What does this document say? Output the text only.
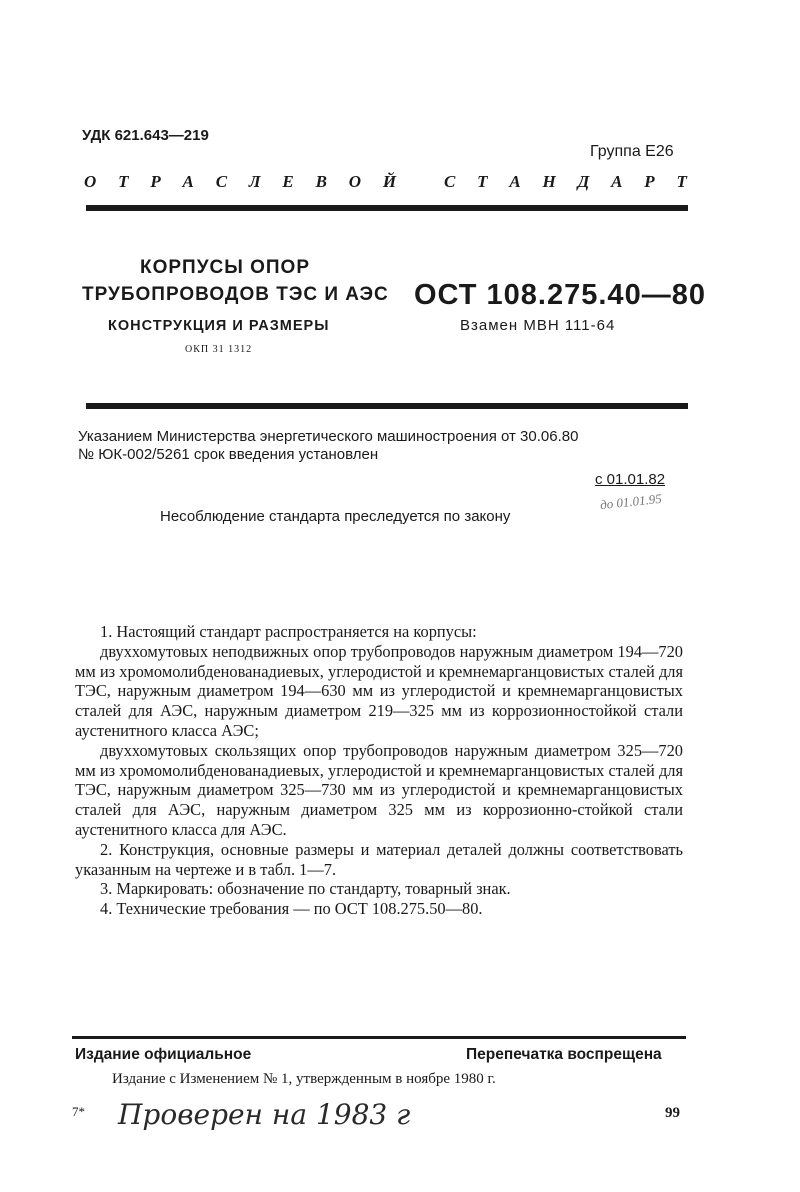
УДК 621.643—219
Группа Е26
О Т Р А С Л Е В О Й
	С Т А Н Д А Р Т
КОРПУСЫ ОПОР
ТРУБОПРОВОДОВ ТЭС И АЭС
КОНСТРУКЦИЯ И РАЗМЕРЫ
ОКП 31 1312
ОСТ 108.275.40—80
Взамен МВН 111-64
Указанием Министерства энергетического машиностроения от 30.06.80
№ ЮК-002/5261 срок введения установлен
с 01.01.82
до 01.01.95
Несоблюдение стандарта преследуется по закону

1. Настоящий стандарт распространяется на корпусы:

двуххомутовых неподвижных опор трубопроводов наружным диаметром 194—720 мм из хромомолибденованадиевых, углеродистой и кремнемарганцовистых сталей для ТЭС, наружным диаметром 194—630 мм из углеродистой и кремнемарганцовистых сталей для АЭС, наружным диаметром 219—325 мм из коррозионностойкой стали аустенитного класса АЭС;

двуххомутовых скользящих опор трубопроводов наружным диаметром 325—720 мм из хромомолибденованадиевых, углеродистой и кремнемарганцовистых сталей для ТЭС, наружным диаметром 325—730 мм из углеродистой и кремнемарганцовистых сталей для АЭС, наружным диаметром 325 мм из коррозионно-стойкой стали аустенитного класса для АЭС.

2. Конструкция, основные размеры и материал деталей должны соответствовать указанным на чертеже и в табл. 1—7.

3. Маркировать: обозначение по стандарту, товарный знак.

4. Технические требования — по ОСТ 108.275.50—80.

Издание официальное	Перепечатка воспрещена
Издание с Изменением № 1, утвержденным в ноябре 1980 г.
7* Проверен на 1983 г	99
